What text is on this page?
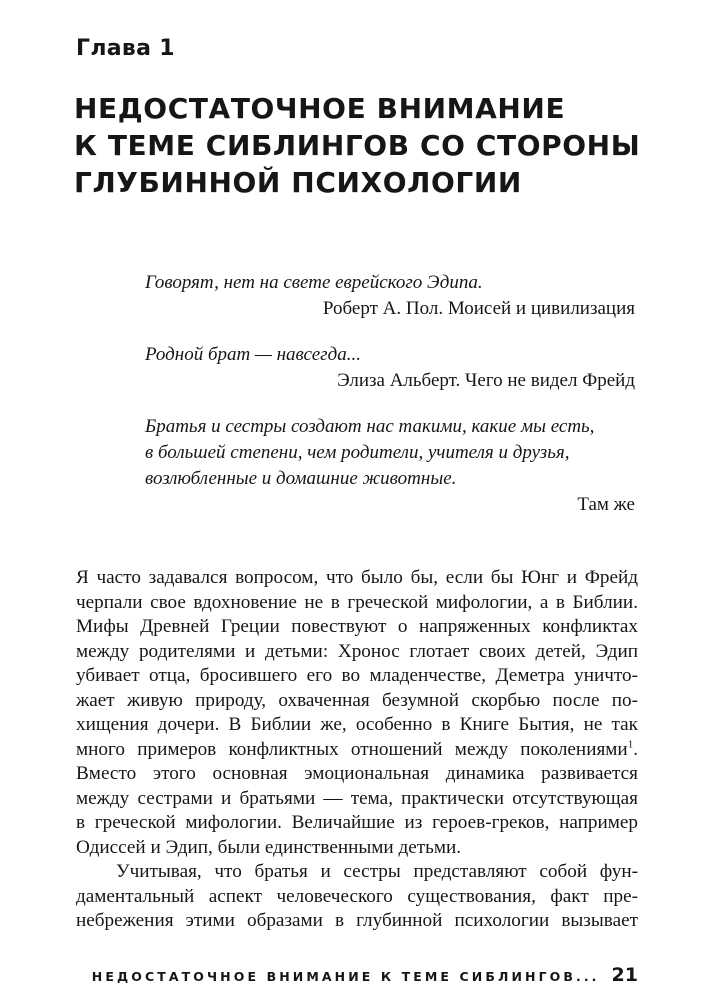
Глава 1
НЕДОСТАТОЧНОЕ ВНИМАНИЕ
К ТЕМЕ СИБЛИНГОВ СО СТОРОНЫ
ГЛУБИННОЙ ПСИХОЛОГИИ
Говорят, нет на свете еврейского Эдипа.
Роберт А. Пол. Моисей и цивилизация
Родной брат — навсегда...
Элиза Альберт. Чего не видел Фрейд
Братья и сестры создают нас такими, какие мы есть,
в большей степени, чем родители, учителя и друзья,
возлюбленные и домашние животные.
Там же
Я часто задавался вопросом, что было бы, если бы Юнг и Фрейд
черпали свое вдохновение не в греческой мифологии, а в Библии.
Мифы Древней Греции повествуют о напряженных конфликтах
между родителями и детьми: Хронос глотает своих детей, Эдип
убивает отца, бросившего его во младенчестве, Деметра уничто-
жает живую природу, охваченная безумной скорбью после по-
хищения дочери. В Библии же, особенно в Книге Бытия, не так
много примеров конфликтных отношений между поколениями$^1$.
Вместо этого основная эмоциональная динамика развивается
между сестрами и братьями — тема, практически отсутствующая
в греческой мифологии. Величайшие из героев-греков, например
Одиссей и Эдип, были единственными детьми.
Учитывая, что братья и сестры представляют собой фун-
даментальный аспект человеческого существования, факт пре-
небрежения этими образами в глубинной психологии вызывает
НЕДОСТАТОЧНОЕ ВНИМАНИЕ К ТЕМЕ СИБЛИНГОВ... 21
